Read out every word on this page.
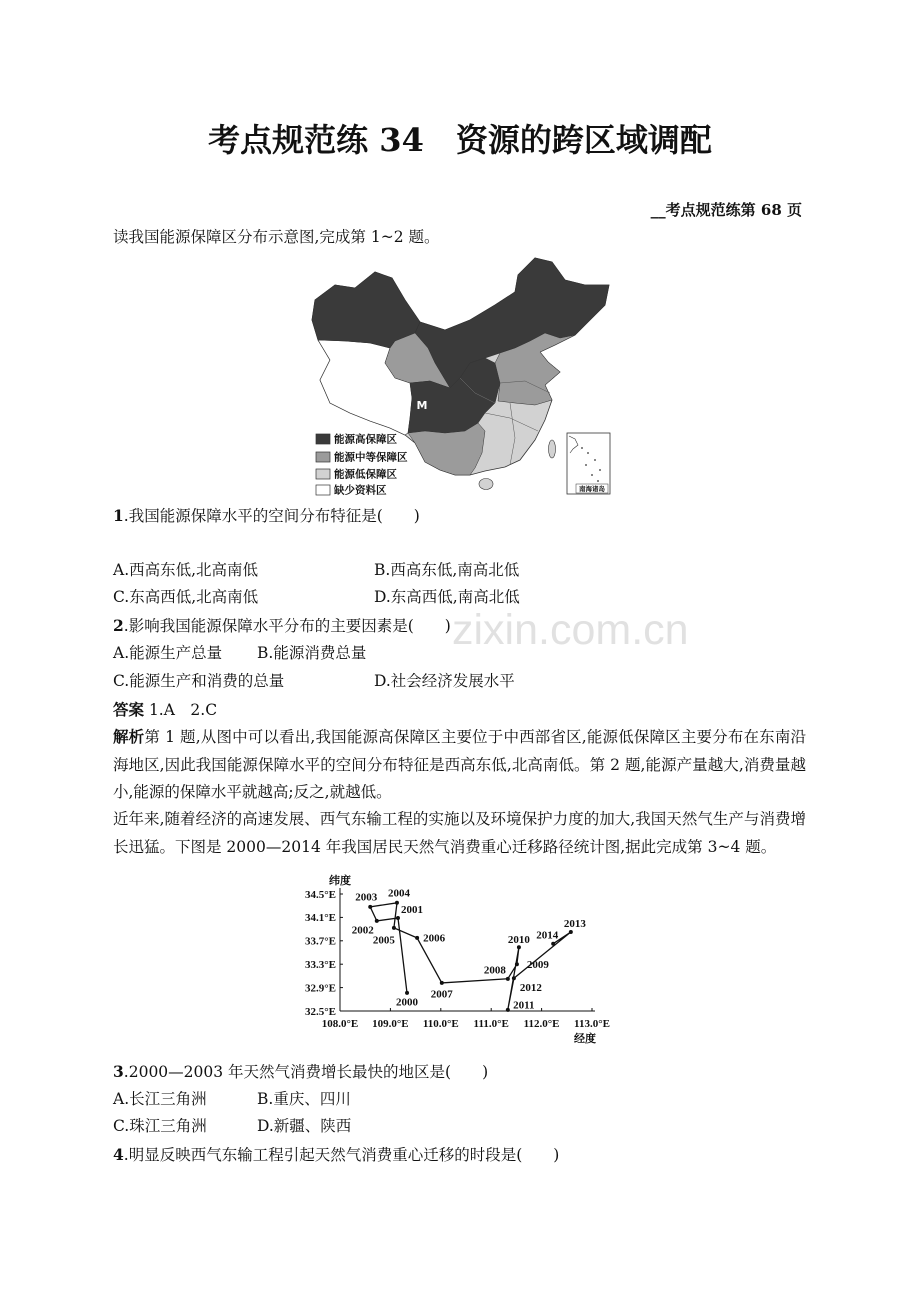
考点规范练 34　资源的跨区域调配
__考点规范练第 68 页
读我国能源保障区分布示意图,完成第 1~2 题。
M
南海诸岛
能源高保障区
能源中等保障区
能源低保障区
缺少资料区
1.我国能源保障水平的空间分布特征是(　　)
A.西高东低,北高南低	B.西高东低,南高北低
C.东高西低,北高南低	D.东高西低,南高北低
2.影响我国能源保障水平分布的主要因素是(　　)
A.能源生产总量 B.能源消费总量
C.能源生产和消费的总量	D.社会经济发展水平
答案 1.A　2.C
解析第 1 题,从图中可以看出,我国能源高保障区主要位于中西部省区,能源低保障区主要分布在东南沿海地区,因此我国能源保障水平的空间分布特征是西高东低,北高南低。第 2 题,能源产量越大,消费量越小,能源的保障水平就越高;反之,就越低。
近年来,随着经济的高速发展、西气东输工程的实施以及环境保护力度的加大,我国天然气生产与消费增长迅猛。下图是 2000—2014 年我国居民天然气消费重心迁移路径统计图,据此完成第 3~4 题。
34.5°E
34.1°E
33.7°E
33.3°E
32.9°E
32.5°E
108.0°E 109.0°E 110.0°E 111.0°E 112.0°E 113.0°E
纬度
经度
2000
2001
2002
2003 2004
2005	2006
2007
2008 2009
2010
2011
2012
2013
2014
3.2000—2003 年天然气消费增长最快的地区是(　　)
A.长江三角洲	B.重庆、四川
C.珠江三角洲	D.新疆、陕西
4.明显反映西气东输工程引起天然气消费重心迁移的时段是(　　)
zixin.com.cn
